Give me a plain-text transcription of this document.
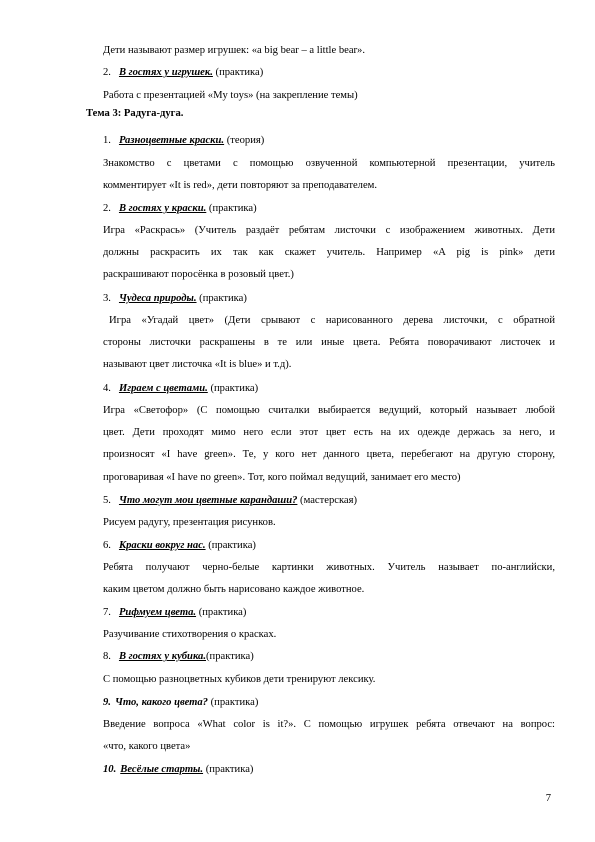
Дети называют размер игрушек: «a big bear – a little bear».
2. В гостях у игрушек. (практика)
Работа с презентацией «My toys» (на закрепление темы)
Тема 3: Радуга-дуга.
1. Разноцветные краски. (теория)
Знакомство с цветами с помощью озвученной компьютерной презентации, учитель
комментирует «It is red», дети повторяют за преподавателем.
2. В гостях у краски. (практика)
Игра «Раскрась» (Учитель раздаёт ребятам листочки с изображением животных. Дети
должны раскрасить их так как скажет учитель. Например «A pig is pink» дети
раскрашивают поросёнка в розовый цвет.)
3. Чудеса природы. (практика)
Игра «Угадай цвет» (Дети срывают с нарисованного дерева листочки, с обратной
стороны листочки раскрашены в те или иные цвета. Ребята поворачивают листочек и
называют цвет листочка «It is blue» и т.д).
4. Играем с цветами. (практика)
Игра «Светофор» (С помощью считалки выбирается ведущий, который называет любой
цвет. Дети проходят мимо него если этот цвет есть на их одежде держась за него, и
произносят «I have green». Те, у кого нет данного цвета, перебегают на другую сторону,
проговаривая «I have no green». Тот, кого поймал ведущий, занимает его место)
5. Что могут мои цветные карандаши? (мастерская)
Рисуем радугу, презентация рисунков.
6. Краски вокруг нас. (практика)
Ребята получают черно-белые картинки животных. Учитель называет по-английски,
каким цветом должно быть нарисовано каждое животное.
7. Рифмуем цвета. (практика)
Разучивание стихотворения о красках.
8. В гостях у кубика.(практика)
С помощью разноцветных кубиков дети тренируют лексику.
9. Что, какого цвета? (практика)
Введение вопроса «What color is it?». С помощью игрушек ребята отвечают на вопрос:
«что, какого цвета»
10. Весёлые старты. (практика)
7
